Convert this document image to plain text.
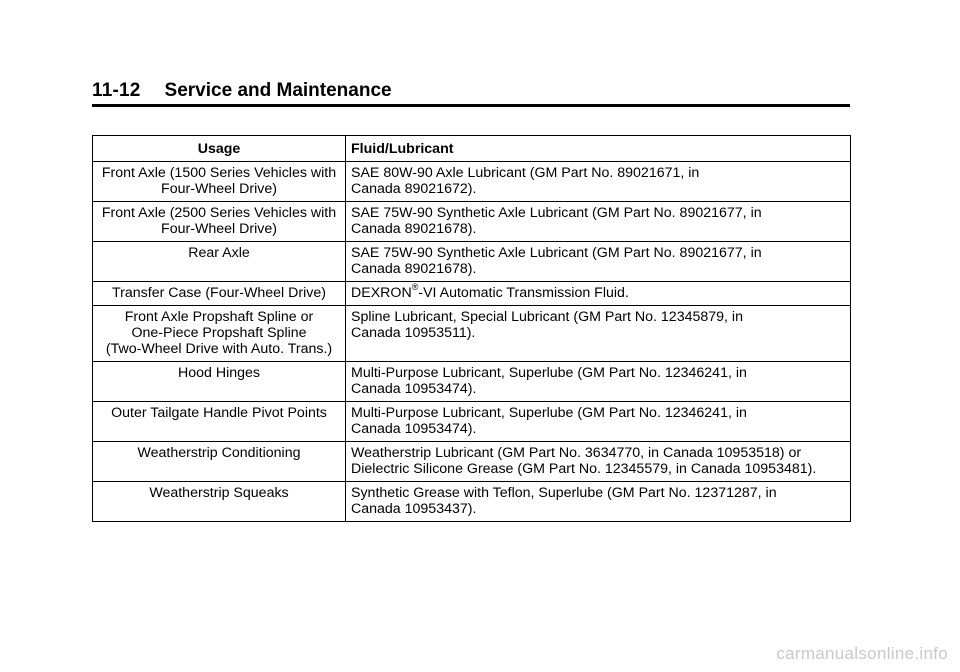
11-12 Service and Maintenance
Usage	Fluid/Lubricant

Front Axle (1500 Series Vehicles with
Four-Wheel Drive)	SAE 80W-90 Axle Lubricant (GM Part No. 89021671, in
Canada 89021672).

Front Axle (2500 Series Vehicles with
Four-Wheel Drive)	SAE 75W-90 Synthetic Axle Lubricant (GM Part No. 89021677, in
Canada 89021678).

Rear Axle	SAE 75W-90 Synthetic Axle Lubricant (GM Part No. 89021677, in
Canada 89021678).

Transfer Case (Four-Wheel Drive)	DEXRON®-VI Automatic Transmission Fluid.

Front Axle Propshaft Spline or
One-Piece Propshaft Spline
(Two-Wheel Drive with Auto. Trans.)	Spline Lubricant, Special Lubricant (GM Part No. 12345879, in
Canada 10953511).

Hood Hinges	Multi-Purpose Lubricant, Superlube (GM Part No. 12346241, in
Canada 10953474).

Outer Tailgate Handle Pivot Points	Multi-Purpose Lubricant, Superlube (GM Part No. 12346241, in
Canada 10953474).

Weatherstrip Conditioning	Weatherstrip Lubricant (GM Part No. 3634770, in Canada 10953518) or
Dielectric Silicone Grease (GM Part No. 12345579, in Canada 10953481).

Weatherstrip Squeaks	Synthetic Grease with Teflon, Superlube (GM Part No. 12371287, in
Canada 10953437).
carmanualsonline.info
